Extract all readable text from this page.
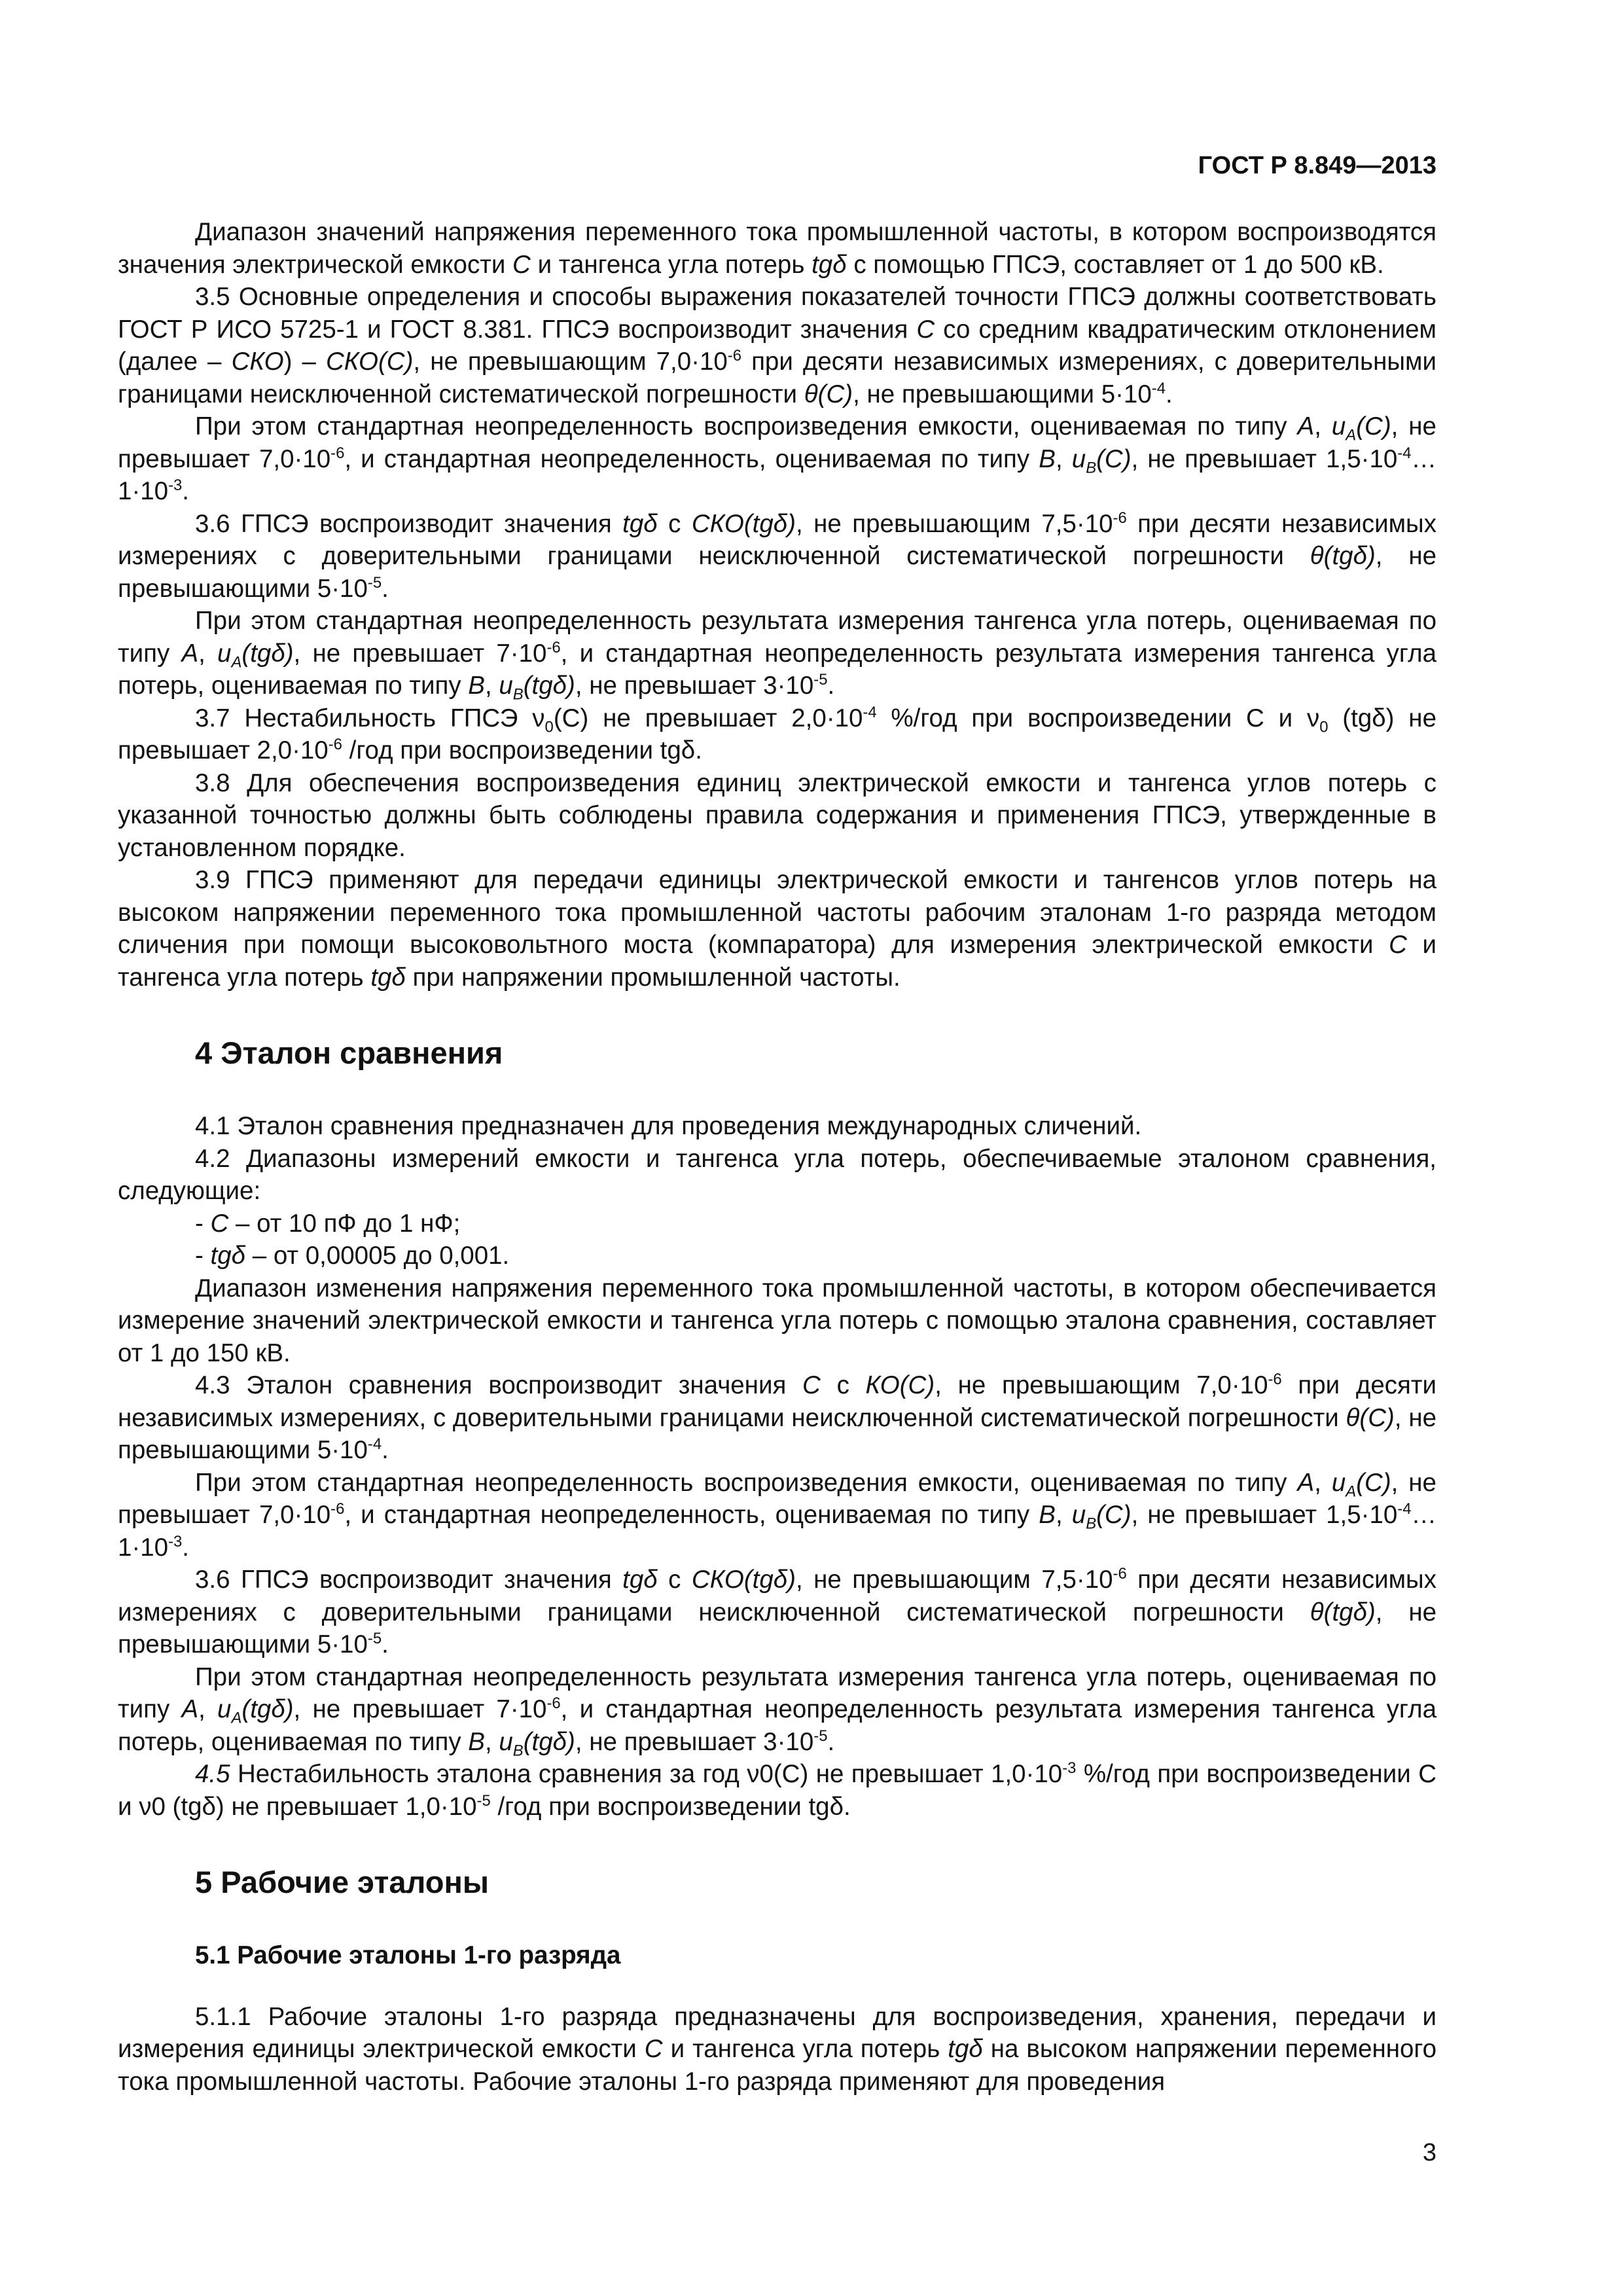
ГОСТ Р 8.849—2013

Диапазон значений напряжения переменного тока промышленной частоты, в котором воспроизводятся значения электрической емкости C и тангенса угла потерь tgδ с помощью ГПСЭ, составляет от 1 до 500 кВ.

3.5 Основные определения и способы выражения показателей точности ГПСЭ должны соответствовать ГОСТ Р ИСО 5725-1 и ГОСТ 8.381. ГПСЭ воспроизводит значения C со средним квадратическим отклонением (далее – СКО) – СКО(С), не превышающим $7,0\cdot 10^{-6}$ при десяти независимых измерениях, с доверительными границами неисключенной систематической погрешности θ(С), не превышающими $5\cdot 10^{-4}$.

При этом стандартная неопределенность воспроизведения емкости, оцениваемая по типу А, $u_A(С)$, не превышает $7,0\cdot 10^{-6}$, и стандартная неопределенность, оцениваемая по типу В, $u_B(С)$, не превышает $1,5\cdot 10^{-4}\dots 1\cdot 10^{-3}$.

3.6 ГПСЭ воспроизводит значения tgδ с СКО(tgδ), не превышающим $7,5\cdot 10^{-6}$ при десяти независимых измерениях с доверительными границами неисключенной систематической погрешности θ(tgδ), не превышающими $5\cdot 10^{-5}$.

При этом стандартная неопределенность результата измерения тангенса угла потерь, оцениваемая по типу А, $u_A(tg\delta)$, не превышает $7\cdot 10^{-6}$, и стандартная неопределенность результата измерения тангенса угла потерь, оцениваемая по типу В, $u_B(tg\delta)$, не превышает $3\cdot 10^{-5}$.

3.7 Нестабильность ГПСЭ $\nu_0(С)$ не превышает $2,0\cdot 10^{-4}$ %/год при воспроизведении С и $\nu_0$ (tgδ) не превышает $2,0\cdot 10^{-6}$ /год при воспроизведении tgδ.

3.8 Для обеспечения воспроизведения единиц электрической емкости и тангенса углов потерь с указанной точностью должны быть соблюдены правила содержания и применения ГПСЭ, утвержденные в установленном порядке.

3.9 ГПСЭ применяют для передачи единицы электрической емкости и тангенсов углов потерь на высоком напряжении переменного тока промышленной частоты рабочим эталонам 1-го разряда методом сличения при помощи высоковольтного моста (компаратора) для измерения электрической емкости C и тангенса угла потерь tgδ при напряжении промышленной частоты.

4 Эталон сравнения

4.1 Эталон сравнения предназначен для проведения международных сличений.

4.2 Диапазоны измерений емкости и тангенса угла потерь, обеспечиваемые эталоном сравнения, следующие:

- C – от 10 пФ до 1 нФ;

- tgδ – от 0,00005 до 0,001.

Диапазон изменения напряжения переменного тока промышленной частоты, в котором обеспечивается измерение значений электрической емкости и тангенса угла потерь с помощью эталона сравнения, составляет от 1 до 150 кВ.

4.3 Эталон сравнения воспроизводит значения C с КО(С), не превышающим $7,0\cdot 10^{-6}$ при десяти независимых измерениях, с доверительными границами неисключенной систематической погрешности θ(С), не превышающими $5\cdot 10^{-4}$.

При этом стандартная неопределенность воспроизведения емкости, оцениваемая по типу А, $u_A(С)$, не превышает $7,0\cdot 10^{-6}$, и стандартная неопределенность, оцениваемая по типу В, $u_B(С)$, не превышает $1,5\cdot 10^{-4}\dots 1\cdot 10^{-3}$.

3.6 ГПСЭ воспроизводит значения tgδ с СКО(tgδ), не превышающим $7,5\cdot 10^{-6}$ при десяти независимых измерениях с доверительными границами неисключенной систематической погрешности θ(tgδ), не превышающими $5\cdot 10^{-5}$.

При этом стандартная неопределенность результата измерения тангенса угла потерь, оцениваемая по типу А, $u_A(tg\delta)$, не превышает $7\cdot 10^{-6}$, и стандартная неопределенность результата измерения тангенса угла потерь, оцениваемая по типу В, $u_B(tg\delta)$, не превышает $3\cdot 10^{-5}$.

4.5 Нестабильность эталона сравнения за год ν0(С) не превышает $1,0\cdot 10^{-3}$ %/год при воспроизведении С и ν0 (tgδ) не превышает $1,0\cdot 10^{-5}$ /год при воспроизведении tgδ.

5 Рабочие эталоны
5.1 Рабочие эталоны 1-го разряда

5.1.1 Рабочие эталоны 1-го разряда предназначены для воспроизведения, хранения, передачи и измерения единицы электрической емкости C и тангенса угла потерь tgδ на высоком напряжении переменного тока промышленной частоты. Рабочие эталоны 1-го разряда применяют для проведения

3
